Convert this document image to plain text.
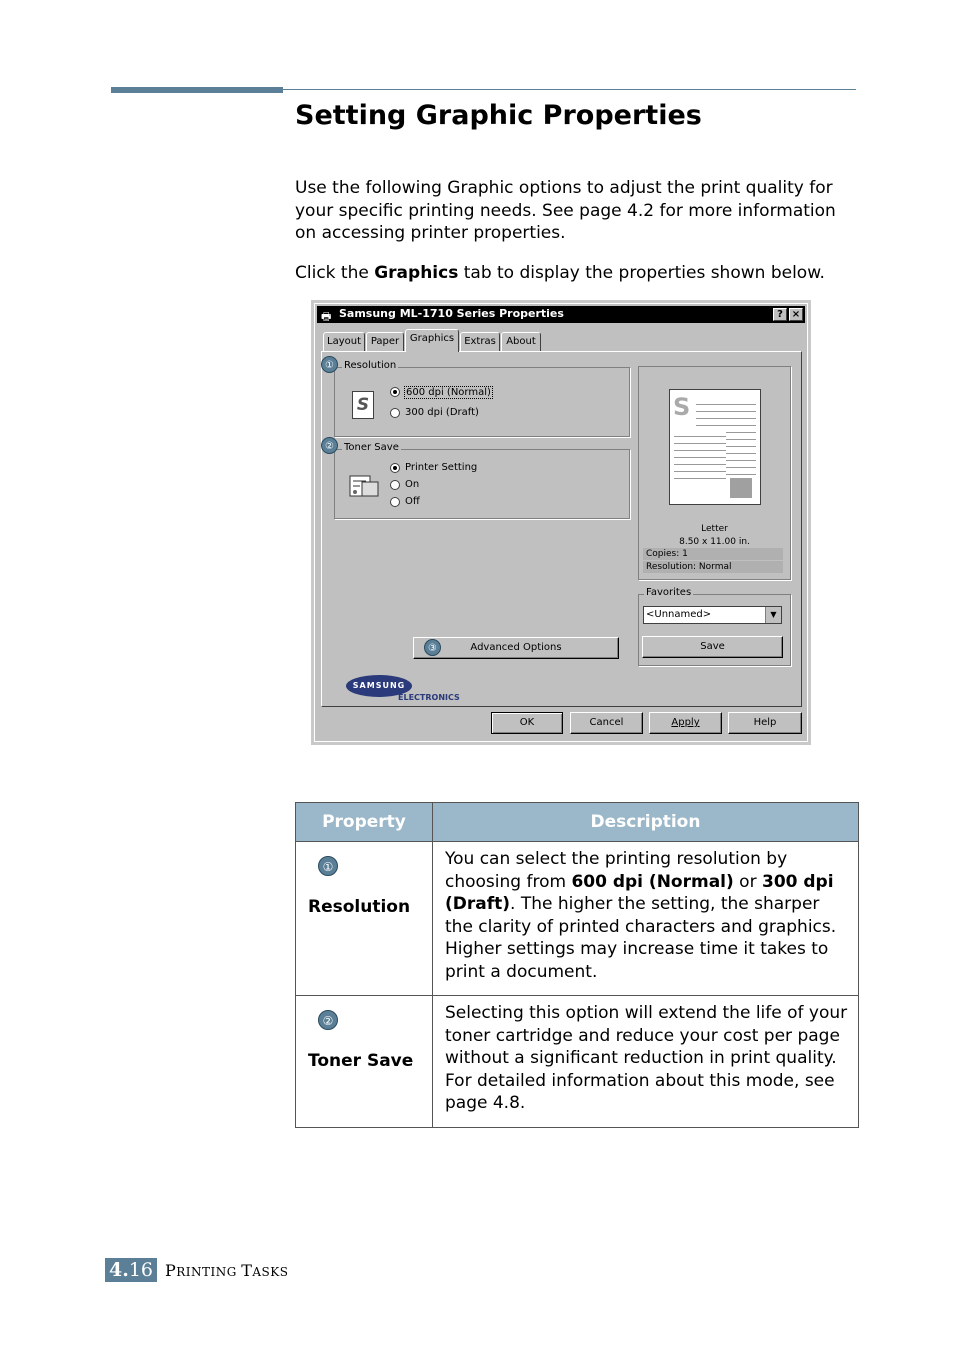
Setting Graphic Properties
Use the following Graphic options to adjust the print quality for your specific printing needs. See page 4.2 for more information on accessing printer properties.
Click the Graphics tab to display the properties shown below.
🖶 Samsung ML-1710 Series Properties	? ×
Layout Paper	Graphics	Extras	About
Resolution
①
S
600 dpi (Normal)
300 dpi (Draft)
Toner Save
②
Printer Setting
On
Off
③	Advanced Options
S
Letter
8.50 x 11.00 in.
Copies: 1
Resolution: Normal
Favorites
<Unnamed>	▼
Save
SAMSUNG
ELECTRONICS
OK	Cancel	Apply	Help
Property	Description
①
Resolution	You can select the printing resolution by choosing from 600 dpi (Normal) or 300 dpi (Draft). The higher the setting, the sharper the clarity of printed characters and graphics. Higher settings may increase time it takes to print a document.
②
Toner Save	Selecting this option will extend the life of your toner cartridge and reduce your cost per page without a significant reduction in print quality. For detailed information about this mode, see page 4.8.
4.16 PRINTING TASKS
